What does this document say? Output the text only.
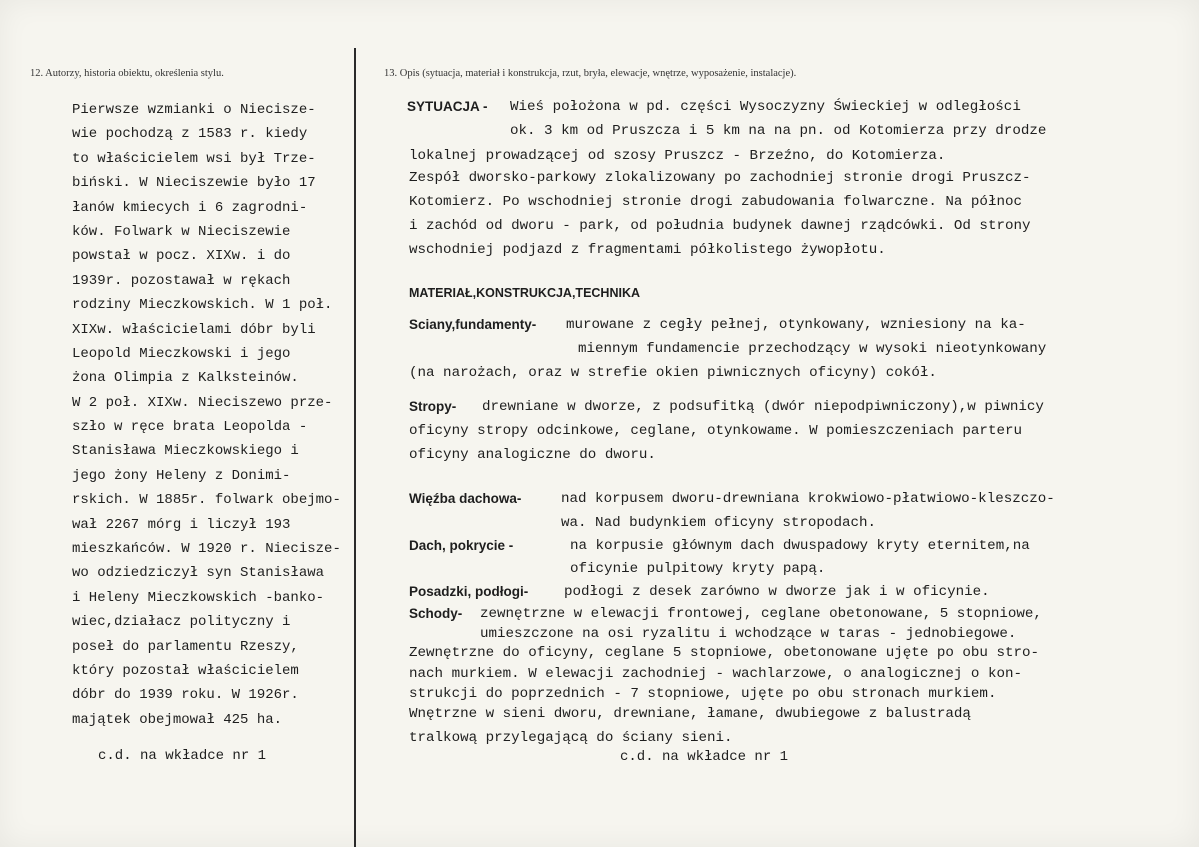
12. Autorzy, historia obiektu, określenia stylu.	13. Opis (sytuacja, materiał i konstrukcja, rzut, bryła, elewacje, wnętrze, wyposażenie, instalacje).
Pierwsze wzmianki o Nieciszе-
wie pochodzą z 1583 r. kiedy
to właścicielem wsi był Trze-
biński. W Nieciszewie było 17
łanów kmiecych i 6 zagrodni-
ków. Folwark w Nieciszewie
powstał w pocz. XIXw. i do
1939r. pozostawał w rękach
rodziny Mieczkowskich. W 1 poł.
XIXw. właścicielami dóbr byli
Leopold Mieczkowski i jego
żona Olimpia z Kalksteinów.
W 2 poł. XIXw. Nieciszewo prze-
szło w ręce brata Leopolda -
Stanisława Mieczkowskiego i
jego żony Heleny z Donimi-
rskich. W 1885r. folwark obejmo-
wał 2267 mórg i liczył 193
mieszkańców. W 1920 r. Niecisze-
wo odziedziczył syn Stanisława
i Heleny Mieczkowskich -banko-
wiec,działacz polityczny i
poseł do parlamentu Rzeszy,
który pozostał właścicielem
dóbr do 1939 roku. W 1926r.
majątek obejmował 425 ha.
c.d. na wkładce nr 1
SYTUACJA - Wieś położona w pd. części Wysoczyzny Świeckiej w odległości
ok. 3 km od Pruszcza i 5 km na na pn. od Kotomierza przy drodze
lokalnej prowadzącej od szosy Pruszcz - Brzeźno, do Kotomierza.
Zespół dworsko-parkowy zlokalizowany po zachodniej stronie drogi Pruszcz-
Kotomierz. Po wschodniej stronie drogi zabudowania folwarczne. Na północ
i zachód od dworu - park, od południa budynek dawnej rządcówki. Od strony
wschodniej podjazd z fragmentami półkolistego żywopłotu.
MATERIAŁ,KONSTRUKCJA,TECHNIKA
Sciany,fundamenty- murowane z cegły pełnej, otynkowany, wzniesiony na ka-
miennym fundamencie przechodzący w wysoki nieotynkowany
(na narożach, oraz w strefie okien piwnicznych oficyny) cokół.
Stropy- drewniane w dworze, z podsufitką (dwór niepodpiwniczony),w piwnicy
oficyny stropy odcinkowe, ceglane, otynkowame. W pomieszczeniach parteru
oficyny analogiczne do dworu.
Więźba dachowa-	nad korpusem dworu-drewniana krokwiowo-płatwiowo-kleszczo-
wa. Nad budynkiem oficyny stropodach.
Dach, pokrycie -	na korpusie głównym dach dwuspadowy kryty eternitem,na
oficynie pulpitowy kryty papą.
Posadzki, podłogi-	podłogi z desek zarówno w dworze jak i w oficynie.
Schody- zewnętrzne w elewacji frontowej, ceglane obetonowane, 5 stopniowe,
umieszczone na osi ryzalitu i wchodzące w taras - jednobiegowe.
Zewnętrzne do oficyny, ceglane 5 stopniowe, obetonowane ujęte po obu stro-
nach murkiem. W elewacji zachodniej - wachlarzowe, o analogicznej o kon-
strukcji do poprzednich - 7 stopniowe, ujęte po obu stronach murkiem.
Wnętrzne w sieni dworu, drewniane, łamane, dwubiegowe z balustradą
tralkową przylegającą do ściany sieni.
c.d. na wkładce nr 1
